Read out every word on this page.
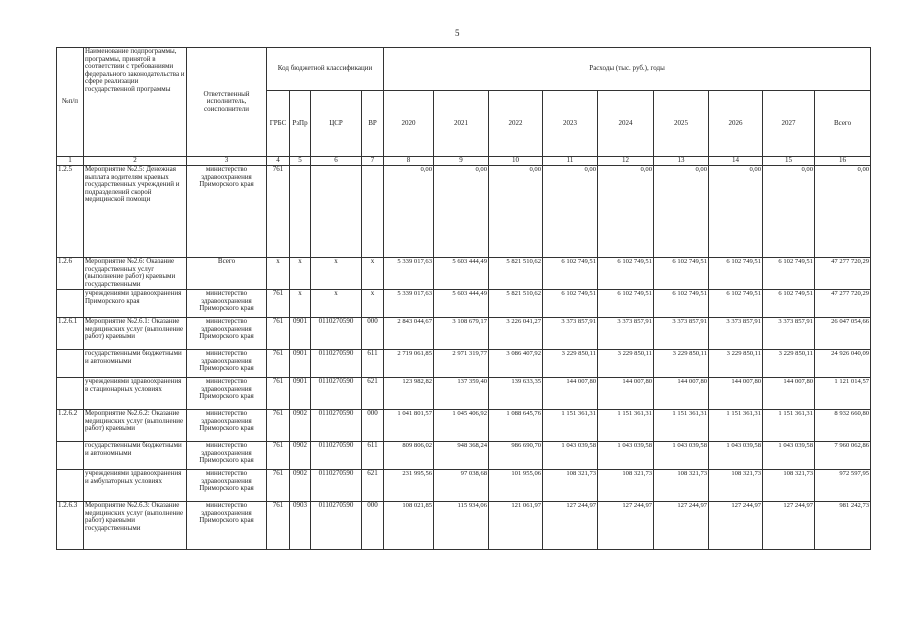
5
№п/п	Наименование подпрограммы, программы, принятой в соответствии с требованиями федерального законодательства и сфере реализации государственной программы	Ответственный исполнитель, соисполнители	Код бюджетной классификации				Расходы (тыс. руб.), годы								
			ГРБС	РзПр	ЦСР	ВР	2020	2021	2022	2023	2024	2025	2026	2027	Всего
1	2	3	4	5	6	7	8	9	10	11	12	13	14	15	16
1.2.5	Мероприятие №2.5: Денежная выплата водителям краевых государственных учреждений и подразделений скорой медицинской помощи	министерство здравоохранения Приморского края	761				0,00	0,00	0,00	0,00	0,00	0,00	0,00	0,00	0,00
1.2.6	Мероприятие №2.6: Оказание государственных услуг (выполнение работ) краевыми государственными	Всего	x	x	x	x	5 339 017,63	5 603 444,49	5 821 510,62	6 102 749,51	6 102 749,51	6 102 749,51	6 102 749,51	6 102 749,51	47 277 720,29
	учреждениями здравоохранения Приморского края	министерство здравоохранения Приморского края	761	x	x	x	5 339 017,63	5 603 444,49	5 821 510,62	6 102 749,51	6 102 749,51	6 102 749,51	6 102 749,51	6 102 749,51	47 277 720,29
1.2.6.1	Мероприятие №2.6.1: Оказание медицинских услуг (выполнение работ) краевыми	министерство здравоохранения Приморского края	761	0901	0110270590	000	2 843 044,67	3 108 679,17	3 226 041,27	3 373 857,91	3 373 857,91	3 373 857,91	3 373 857,91	3 373 857,91	26 047 054,66
	государственными бюджетными и автономными	министерство здравоохранения Приморского края	761	0901	0110270590	611	2 719 061,85	2 971 319,77	3 086 407,92	3 229 850,11	3 229 850,11	3 229 850,11	3 229 850,11	3 229 850,11	24 926 040,09
	учреждениями здравоохранения в стационарных условиях	министерство здравоохранения Приморского края	761	0901	0110270590	621	123 982,82	137 359,40	139 633,35	144 007,80	144 007,80	144 007,80	144 007,80	144 007,80	1 121 014,57
1.2.6.2	Мероприятие №2.6.2: Оказание медицинских услуг (выполнение работ) краевыми	министерство здравоохранения Приморского края	761	0902	0110270590	000	1 041 801,57	1 045 406,92	1 088 645,76	1 151 361,31	1 151 361,31	1 151 361,31	1 151 361,31	1 151 361,31	8 932 660,80
	государственными бюджетными и автономными	министерство здравоохранения Приморского края	761	0902	0110270590	611	809 806,02	948 368,24	986 690,70	1 043 039,58	1 043 039,58	1 043 039,58	1 043 039,58	1 043 039,58	7 960 062,86
	учреждениями здравоохранения и амбулаторных условиях	министерство здравоохранения Приморского края	761	0902	0110270590	621	231 995,56	97 038,68	101 955,06	108 321,73	108 321,73	108 321,73	108 321,73	108 321,73	972 597,95
1.2.6.3	Мероприятие №2.6.3: Оказание медицинских услуг (выполнение работ) краевыми государственными	министерство здравоохранения Приморского края	761	0903	0110270590	000	108 021,85	115 934,06	121 061,97	127 244,97	127 244,97	127 244,97	127 244,97	127 244,97	981 242,73
